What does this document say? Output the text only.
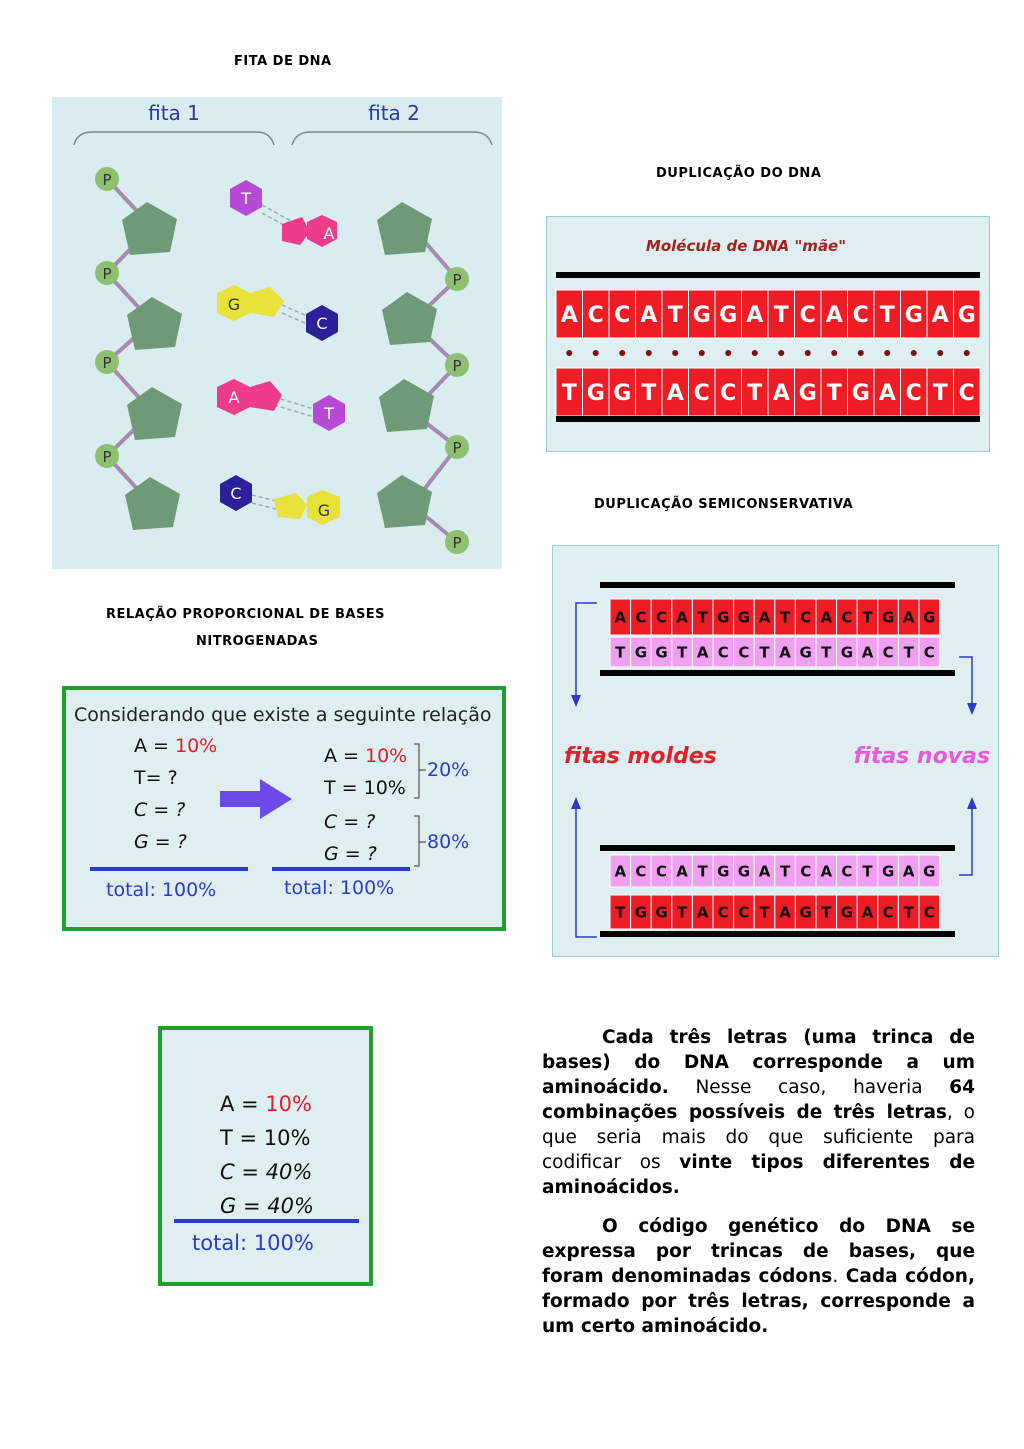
FITA DE DNA
DUPLICAÇÃO DO DNA
DUPLICAÇÃO SEMICONSERVATIVA
RELAÇÃO PROPORCIONAL DE BASES
NITROGENADAS
fita 1	fita 2
P
P
P
P
P
P
P
P
T
A
G
C
A
T
C
G
Molécula de DNA "mãe"
A C C A T G G A T C A C T G A G
T G G T A C C T A G T G A C T C
A C C A T G G A T C A C T G A G
T G G T A C C T A G T G A C T C
A C C A T G G A T C A C T G A G
T G G T A C C T A G T G A C T C
fitas moldes	fitas novas
Considerando que existe a seguinte relação
A = 10%
T= ?
C = ?
G = ?
A = 10%
T = 10%
C = ?
G = ?
20%
80%
total: 100%	total: 100%
A = 10%
T = 10%
C = 40%
G = 40%
total: 100%

Cada três letras (uma trinca de bases) do DNA corresponde a um aminoácido. Nesse caso, haveria 64 combinações possíveis de três letras, o que seria mais do que suficiente para codificar os vinte tipos diferentes de aminoácidos.

O código genético do DNA se expressa por trincas de bases, que foram denominadas códons. Cada códon, formado por três letras, corresponde a um certo aminoácido.
